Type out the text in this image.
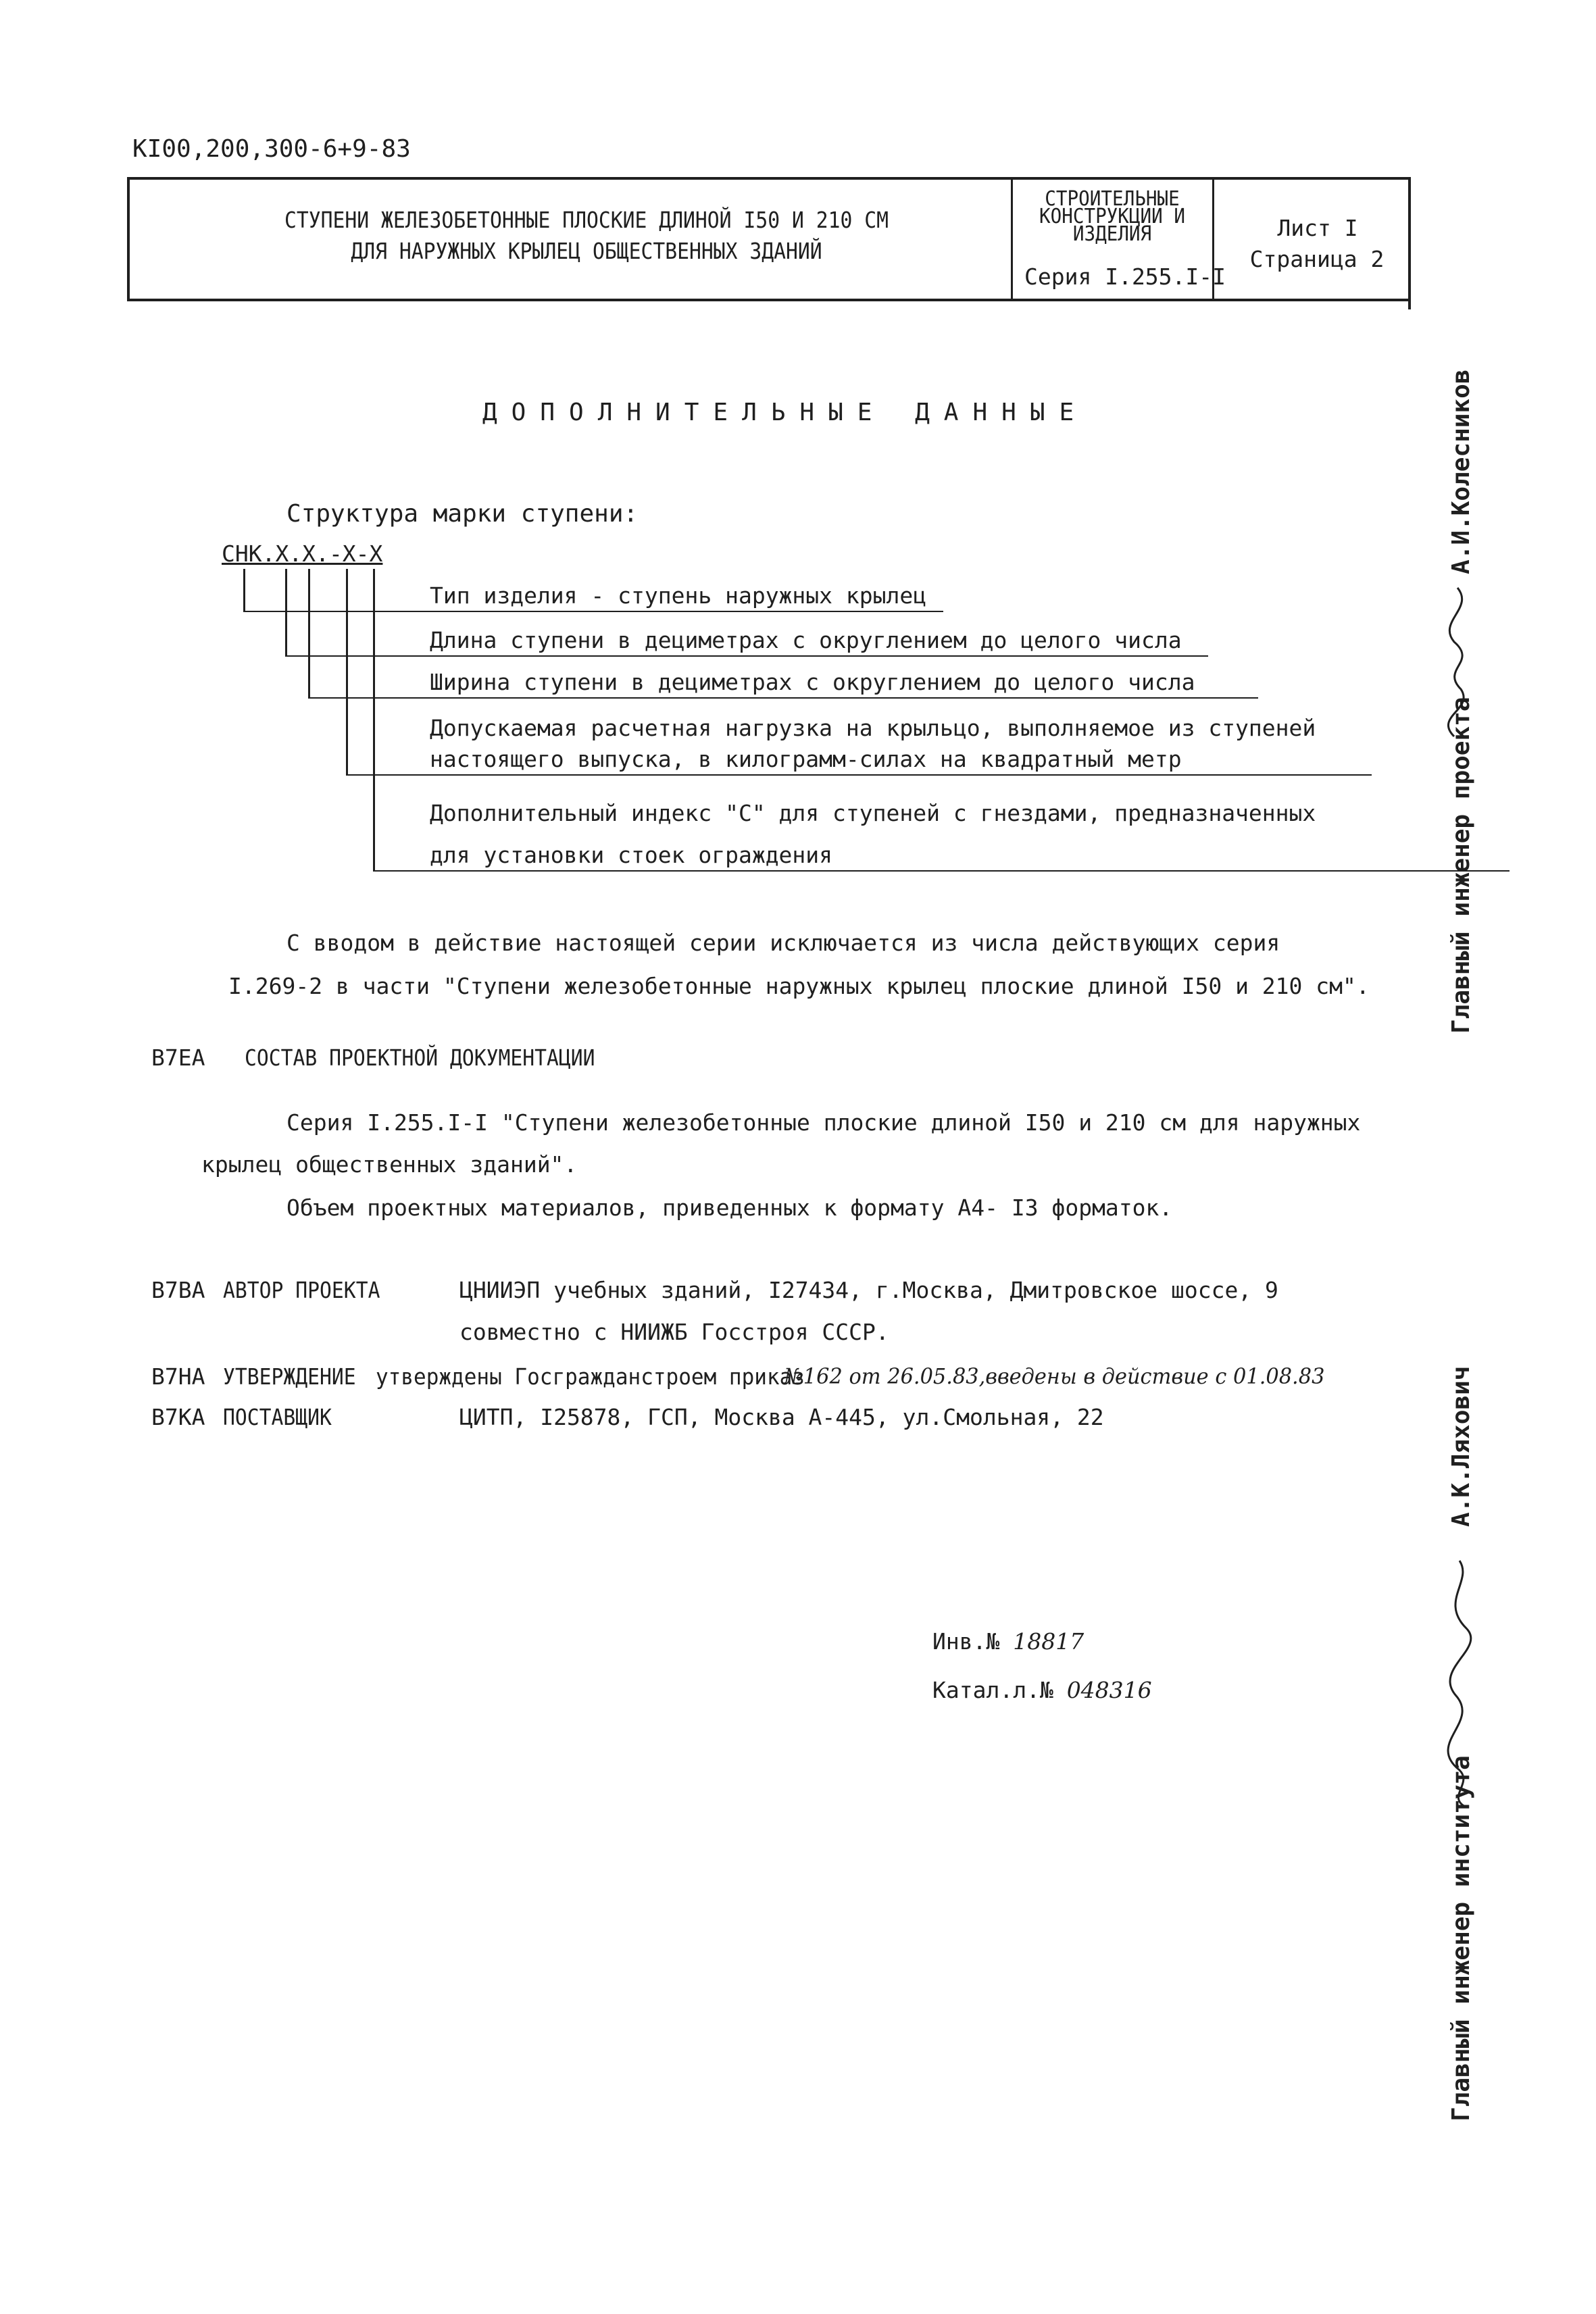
КI00,200,300-6+9-83
СТУПЕНИ ЖЕЛЕЗОБЕТОННЫЕ ПЛОСКИЕ ДЛИНОЙ I50 И 210 СМ
ДЛЯ НАРУЖНЫХ КРЫЛЕЦ ОБЩЕСТВЕННЫХ ЗДАНИЙ
СТРОИТЕЛЬНЫЕ
КОНСТРУКЦИИ И
ИЗДЕЛИЯ
Серия I.255.I-I
Лист I
Страница 2
ДОПОЛНИТЕЛЬНЫЕ ДАННЫЕ
Структура марки ступени:
СНК.Х.Х.-Х-Х
Тип изделия - ступень наружных крылец
Длина ступени в дециметрах с округлением до целого числа
Ширина ступени в дециметрах с округлением до целого числа
Допускаемая расчетная нагрузка на крыльцо, выполняемое из ступеней
настоящего выпуска, в килограмм-силах на квадратный метр
Дополнительный индекс "С" для ступеней с гнездами, предназначенных
для установки стоек ограждения
С вводом в действие настоящей серии исключается из числа действующих серия
I.269-2 в части "Ступени железобетонные наружных крылец плоские длиной I50 и 210 см".
В7ЕА СОСТАВ ПРОЕКТНОЙ ДОКУМЕНТАЦИИ
Серия I.255.I-I "Ступени железобетонные плоские длиной I50 и 210 см для наружных
крылец общественных зданий".
Объем проектных материалов, приведенных к формату А4- I3 форматок.
В7ВА АВТОР ПРОЕКТА	ЦНИИЭП учебных зданий, I27434, г.Москва, Дмитровское шоссе, 9
совместно с НИИЖБ Госстроя СССР.
В7НА УТВЕРЖДЕНИЕ утверждены Госгражданстроем приказ
№162 от 26.05.83,введены в действие с 01.08.83
В7КА ПОСТАВЩИК	ЦИТП, I25878, ГСП, Москва А-445, ул.Смольная, 22
Инв.№ 18817
Катал.л.№ 048316
Главный инженер проекта
А.И.Колесников
Главный инженер института
А.К.Ляхович
